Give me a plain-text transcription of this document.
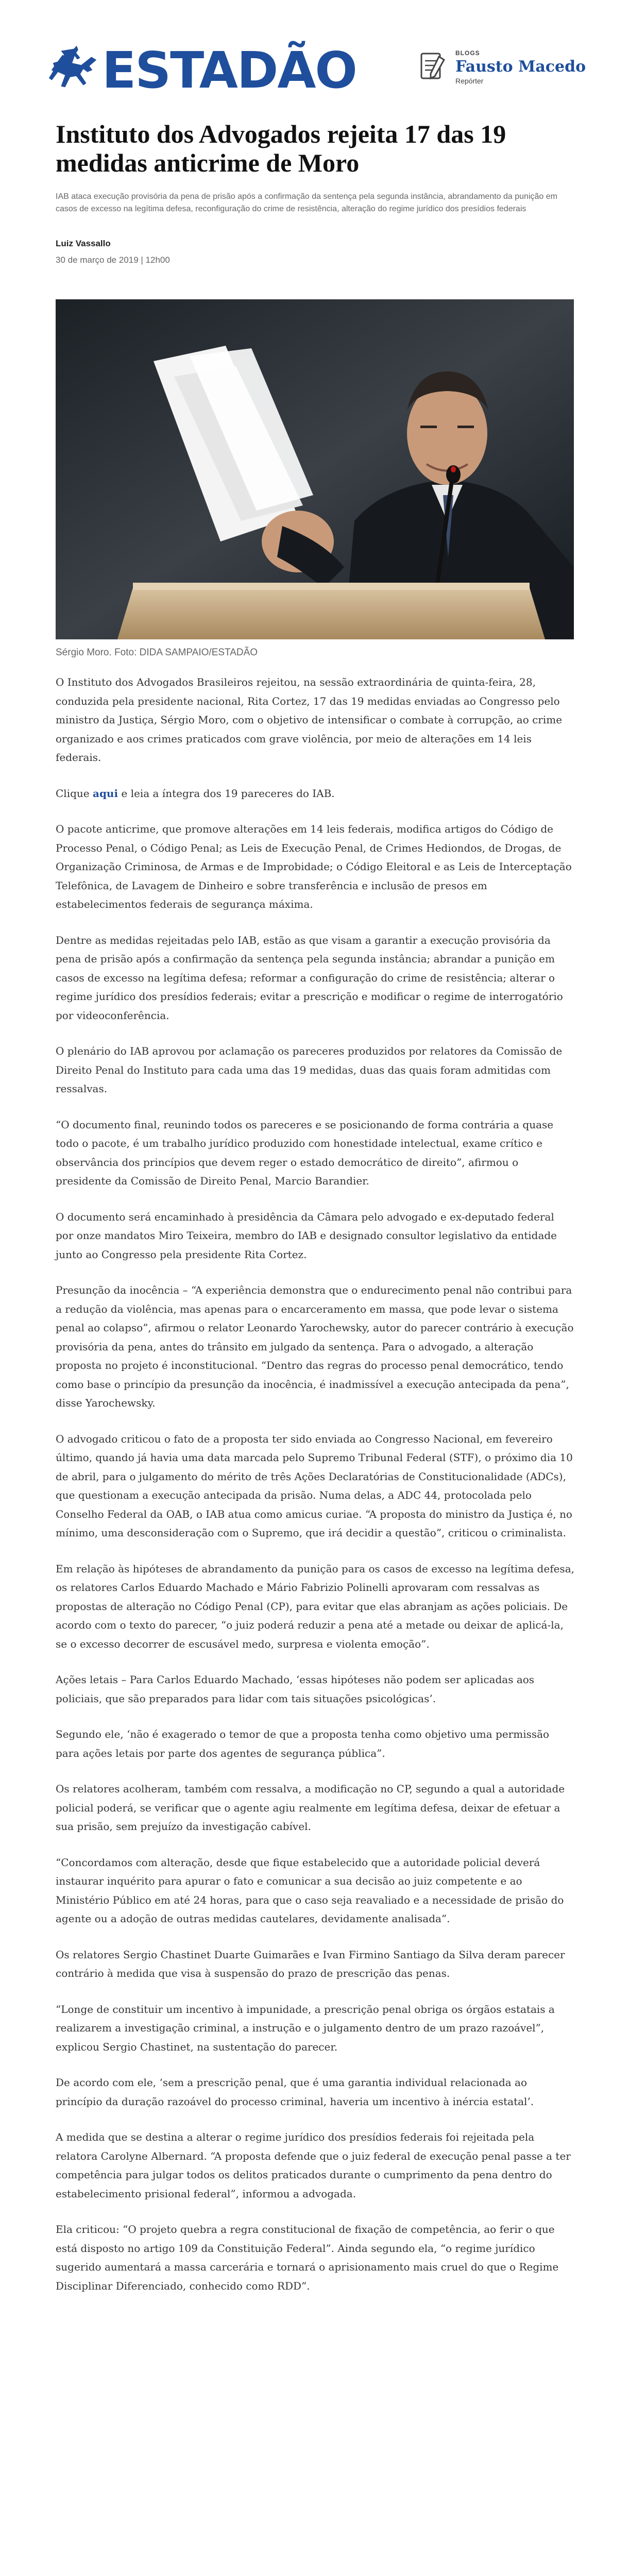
ESTADÃO	BLOGS
Fausto Macedo
Repórter
Instituto dos Advogados rejeita 17 das 19 medidas anticrime de Moro

IAB ataca execução provisória da pena de prisão após a confirmação da sentença pela segunda instância, abrandamento da punição em casos de excesso na legítima defesa, reconfiguração do crime de resistência, alteração do regime jurídico dos presídios federais

Luiz Vassallo
30 de março de 2019 | 12h00
Sérgio Moro. Foto: DIDA SAMPAIO/ESTADÃO

O Instituto dos Advogados Brasileiros rejeitou, na sessão extraordinária de quinta-feira, 28, conduzida pela presidente nacional, Rita Cortez, 17 das 19 medidas enviadas ao Congresso pelo ministro da Justiça, Sérgio Moro, com o objetivo de intensificar o combate à corrupção, ao crime organizado e aos crimes praticados com grave violência, por meio de alterações em 14 leis federais.

Clique aqui e leia a íntegra dos 19 pareceres do IAB.

O pacote anticrime, que promove alterações em 14 leis federais, modifica artigos do Código de Processo Penal, o Código Penal; as Leis de Execução Penal, de Crimes Hediondos, de Drogas, de Organização Criminosa, de Armas e de Improbidade; o Código Eleitoral e as Leis de Interceptação Telefônica, de Lavagem de Dinheiro e sobre transferência e inclusão de presos em estabelecimentos federais de segurança máxima.

Dentre as medidas rejeitadas pelo IAB, estão as que visam a garantir a execução provisória da pena de prisão após a confirmação da sentença pela segunda instância; abrandar a punição em casos de excesso na legítima defesa; reformar a configuração do crime de resistência; alterar o regime jurídico dos presídios federais; evitar a prescrição e modificar o regime de interrogatório por videoconferência.

O plenário do IAB aprovou por aclamação os pareceres produzidos por relatores da Comissão de Direito Penal do Instituto para cada uma das 19 medidas, duas das quais foram admitidas com ressalvas.

“O documento final, reunindo todos os pareceres e se posicionando de forma contrária a quase todo o pacote, é um trabalho jurídico produzido com honestidade intelectual, exame crítico e observância dos princípios que devem reger o estado democrático de direito”, afirmou o presidente da Comissão de Direito Penal, Marcio Barandier.

O documento será encaminhado à presidência da Câmara pelo advogado e ex-deputado federal por onze mandatos Miro Teixeira, membro do IAB e designado consultor legislativo da entidade junto ao Congresso pela presidente Rita Cortez.

Presunção da inocência – “A experiência demonstra que o endurecimento penal não contribui para a redução da violência, mas apenas para o encarceramento em massa, que pode levar o sistema penal ao colapso”, afirmou o relator Leonardo Yarochewsky, autor do parecer contrário à execução provisória da pena, antes do trânsito em julgado da sentença. Para o advogado, a alteração proposta no projeto é inconstitucional. “Dentro das regras do processo penal democrático, tendo como base o princípio da presunção da inocência, é inadmissível a execução antecipada da pena”, disse Yarochewsky.

O advogado criticou o fato de a proposta ter sido enviada ao Congresso Nacional, em fevereiro último, quando já havia uma data marcada pelo Supremo Tribunal Federal (STF), o próximo dia 10 de abril, para o julgamento do mérito de três Ações Declaratórias de Constitucionalidade (ADCs), que questionam a execução antecipada da prisão. Numa delas, a ADC 44, protocolada pelo Conselho Federal da OAB, o IAB atua como amicus curiae. “A proposta do ministro da Justiça é, no mínimo, uma desconsideração com o Supremo, que irá decidir a questão”, criticou o criminalista.

Em relação às hipóteses de abrandamento da punição para os casos de excesso na legítima defesa, os relatores Carlos Eduardo Machado e Mário Fabrizio Polinelli aprovaram com ressalvas as propostas de alteração no Código Penal (CP), para evitar que elas abranjam as ações policiais. De acordo com o texto do parecer, “o juiz poderá reduzir a pena até a metade ou deixar de aplicá-la, se o excesso decorrer de escusável medo, surpresa e violenta emoção”.

Ações letais – Para Carlos Eduardo Machado, ‘essas hipóteses não podem ser aplicadas aos policiais, que são preparados para lidar com tais situações psicológicas’.

Segundo ele, ‘não é exagerado o temor de que a proposta tenha como objetivo uma permissão para ações letais por parte dos agentes de segurança pública”.

Os relatores acolheram, também com ressalva, a modificação no CP, segundo a qual a autoridade policial poderá, se verificar que o agente agiu realmente em legítima defesa, deixar de efetuar a sua prisão, sem prejuízo da investigação cabível.

“Concordamos com alteração, desde que fique estabelecido que a autoridade policial deverá instaurar inquérito para apurar o fato e comunicar a sua decisão ao juiz competente e ao Ministério Público em até 24 horas, para que o caso seja reavaliado e a necessidade de prisão do agente ou a adoção de outras medidas cautelares, devidamente analisada”.

Os relatores Sergio Chastinet Duarte Guimarães e Ivan Firmino Santiago da Silva deram parecer contrário à medida que visa à suspensão do prazo de prescrição das penas.

“Longe de constituir um incentivo à impunidade, a prescrição penal obriga os órgãos estatais a realizarem a investigação criminal, a instrução e o julgamento dentro de um prazo razoável”, explicou Sergio Chastinet, na sustentação do parecer.

De acordo com ele, ‘sem a prescrição penal, que é uma garantia individual relacionada ao princípio da duração razoável do processo criminal, haveria um incentivo à inércia estatal’.

A medida que se destina a alterar o regime jurídico dos presídios federais foi rejeitada pela relatora Carolyne Albernard. “A proposta defende que o juiz federal de execução penal passe a ter competência para julgar todos os delitos praticados durante o cumprimento da pena dentro do estabelecimento prisional federal”, informou a advogada.

Ela criticou: “O projeto quebra a regra constitucional de fixação de competência, ao ferir o que está disposto no artigo 109 da Constituição Federal”. Ainda segundo ela, “o regime jurídico sugerido aumentará a massa carcerária e tornará o aprisionamento mais cruel do que o Regime Disciplinar Diferenciado, conhecido como RDD”.
